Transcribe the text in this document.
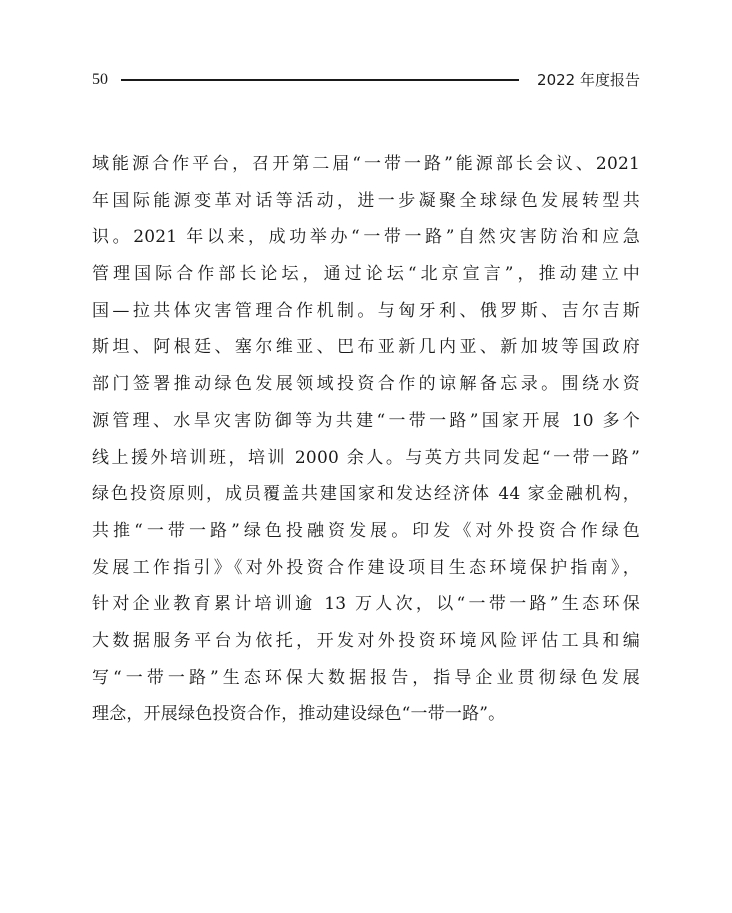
50	2022 年度报告
域能源合作平台，召开第二届“一带一路”能源部长会议、2021
年国际能源变革对话等活动，进一步凝聚全球绿色发展转型共
识。2021 年以来，成功举办“一带一路”自然灾害防治和应急
管理国际合作部长论坛，通过论坛“北京宣言”，推动建立中
国—拉共体灾害管理合作机制。与匈牙利、俄罗斯、吉尔吉斯
斯坦、阿根廷、塞尔维亚、巴布亚新几内亚、新加坡等国政府
部门签署推动绿色发展领域投资合作的谅解备忘录。围绕水资
源管理、水旱灾害防御等为共建“一带一路”国家开展 10 多个
线上援外培训班，培训 2000 余人。与英方共同发起“一带一路”
绿色投资原则，成员覆盖共建国家和发达经济体 44 家金融机构，
共推“一带一路”绿色投融资发展。印发《对外投资合作绿色
发展工作指引》《对外投资合作建设项目生态环境保护指南》，
针对企业教育累计培训逾 13 万人次，以“一带一路”生态环保
大数据服务平台为依托，开发对外投资环境风险评估工具和编
写“一带一路”生态环保大数据报告，指导企业贯彻绿色发展
理念，开展绿色投资合作，推动建设绿色“一带一路”。
